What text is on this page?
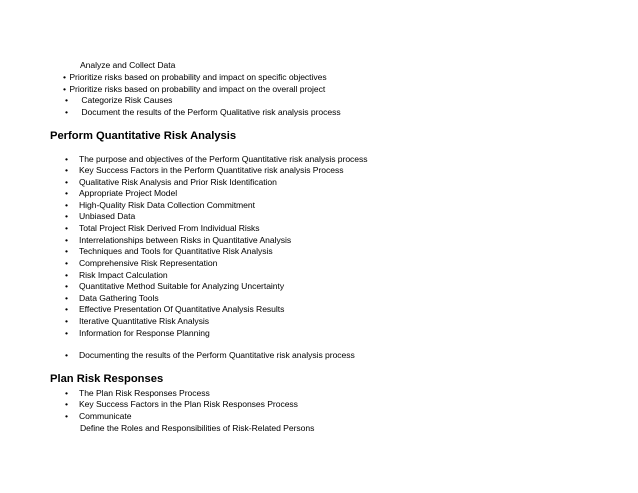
Analyze and Collect Data
• Prioritize risks based on probability and impact on specific objectives
• Prioritize risks based on probability and impact on the overall project
• Categorize Risk Causes
• Document the results of the Perform Qualitative risk analysis process
Perform Quantitative Risk Analysis
• The purpose and objectives of the Perform Quantitative risk analysis process
• Key Success Factors in the Perform Quantitative risk analysis Process
• Qualitative Risk Analysis and Prior Risk Identification
• Appropriate Project Model
• High-Quality Risk Data Collection Commitment
• Unbiased Data
• Total Project Risk Derived From Individual Risks
• Interrelationships between Risks in Quantitative Analysis
• Techniques and Tools for Quantitative Risk Analysis
• Comprehensive Risk Representation
• Risk Impact Calculation
• Quantitative Method Suitable for Analyzing Uncertainty
• Data Gathering Tools
• Effective Presentation Of Quantitative Analysis Results
• Iterative Quantitative Risk Analysis
• Information for Response Planning
• Documenting the results of the Perform Quantitative risk analysis process
Plan Risk Responses
• The Plan Risk Responses Process
• Key Success Factors in the Plan Risk Responses Process
• Communicate
Define the Roles and Responsibilities of Risk-Related Persons
